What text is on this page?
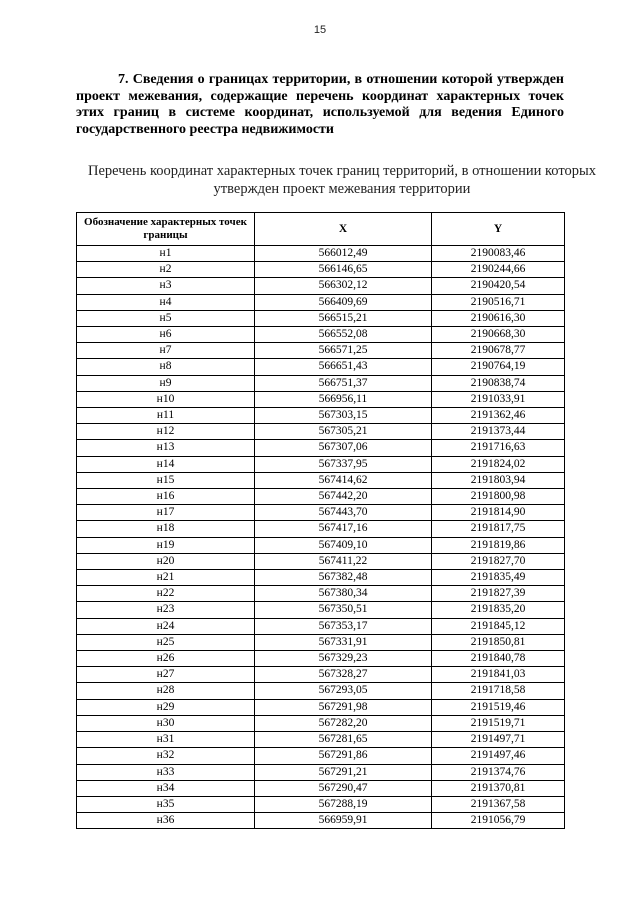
15
7. Сведения о границах территории, в отношении которой утвержден проект межевания, содержащие перечень координат характерных точек этих границ в системе координат, используемой для ведения Единого государственного реестра недвижимости
Перечень координат характерных точек границ территорий, в отношении которых утвержден проект межевания территории
Обозначение характерных точек границы	X	Y
н1	566012,49	2190083,46
н2	566146,65	2190244,66
н3	566302,12	2190420,54
н4	566409,69	2190516,71
н5	566515,21	2190616,30
н6	566552,08	2190668,30
н7	566571,25	2190678,77
н8	566651,43	2190764,19
н9	566751,37	2190838,74
н10	566956,11	2191033,91
н11	567303,15	2191362,46
н12	567305,21	2191373,44
н13	567307,06	2191716,63
н14	567337,95	2191824,02
н15	567414,62	2191803,94
н16	567442,20	2191800,98
н17	567443,70	2191814,90
н18	567417,16	2191817,75
н19	567409,10	2191819,86
н20	567411,22	2191827,70
н21	567382,48	2191835,49
н22	567380,34	2191827,39
н23	567350,51	2191835,20
н24	567353,17	2191845,12
н25	567331,91	2191850,81
н26	567329,23	2191840,78
н27	567328,27	2191841,03
н28	567293,05	2191718,58
н29	567291,98	2191519,46
н30	567282,20	2191519,71
н31	567281,65	2191497,71
н32	567291,86	2191497,46
н33	567291,21	2191374,76
н34	567290,47	2191370,81
н35	567288,19	2191367,58
н36	566959,91	2191056,79
